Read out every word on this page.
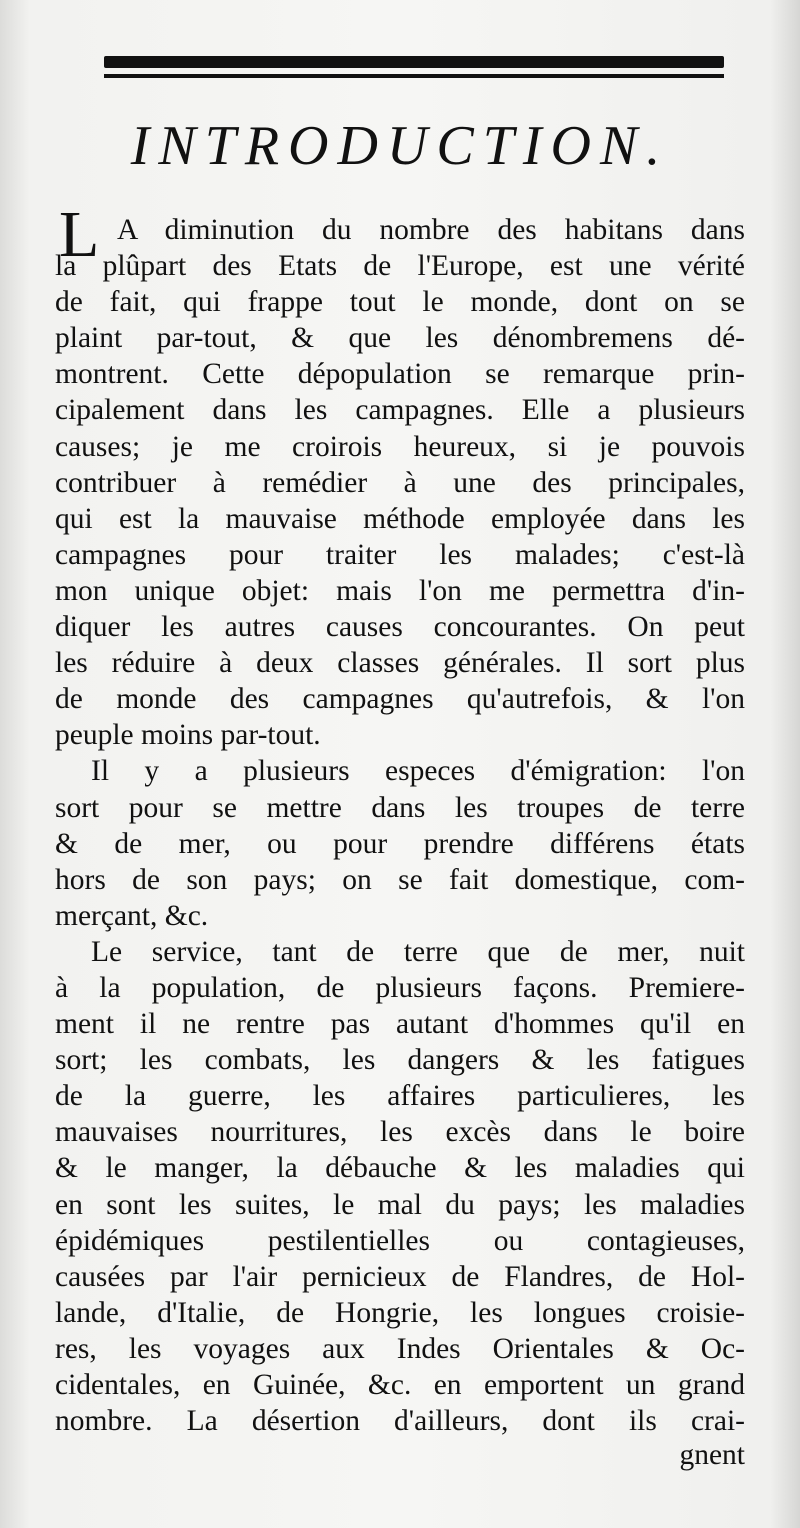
INTRODUCTION.
L A diminution du nombre des habitans dans
la plûpart des Etats de l'Europe, est une vérité
de fait, qui frappe tout le monde, dont on se
plaint par-tout, & que les dénombremens dé-
montrent. Cette dépopulation se remarque prin-
cipalement dans les campagnes. Elle a plusieurs
causes; je me croirois heureux, si je pouvois
contribuer à remédier à une des principales,
qui est la mauvaise méthode employée dans les
campagnes pour traiter les malades; c'est-là
mon unique objet: mais l'on me permettra d'in-
diquer les autres causes concourantes. On peut
les réduire à deux classes générales. Il sort plus
de monde des campagnes qu'autrefois, & l'on
peuple moins par-tout.
Il y a plusieurs especes d'émigration: l'on
sort pour se mettre dans les troupes de terre
& de mer, ou pour prendre différens états
hors de son pays; on se fait domestique, com-
merçant, &c.
Le service, tant de terre que de mer, nuit
à la population, de plusieurs façons. Premiere-
ment il ne rentre pas autant d'hommes qu'il en
sort; les combats, les dangers & les fatigues
de la guerre, les affaires particulieres, les
mauvaises nourritures, les excès dans le boire
& le manger, la débauche & les maladies qui
en sont les suites, le mal du pays; les maladies
épidémiques pestilentielles ou contagieuses,
causées par l'air pernicieux de Flandres, de Hol-
lande, d'Italie, de Hongrie, les longues croisie-
res, les voyages aux Indes Orientales & Oc-
cidentales, en Guinée, &c. en emportent un grand
nombre. La désertion d'ailleurs, dont ils crai-
gnent
